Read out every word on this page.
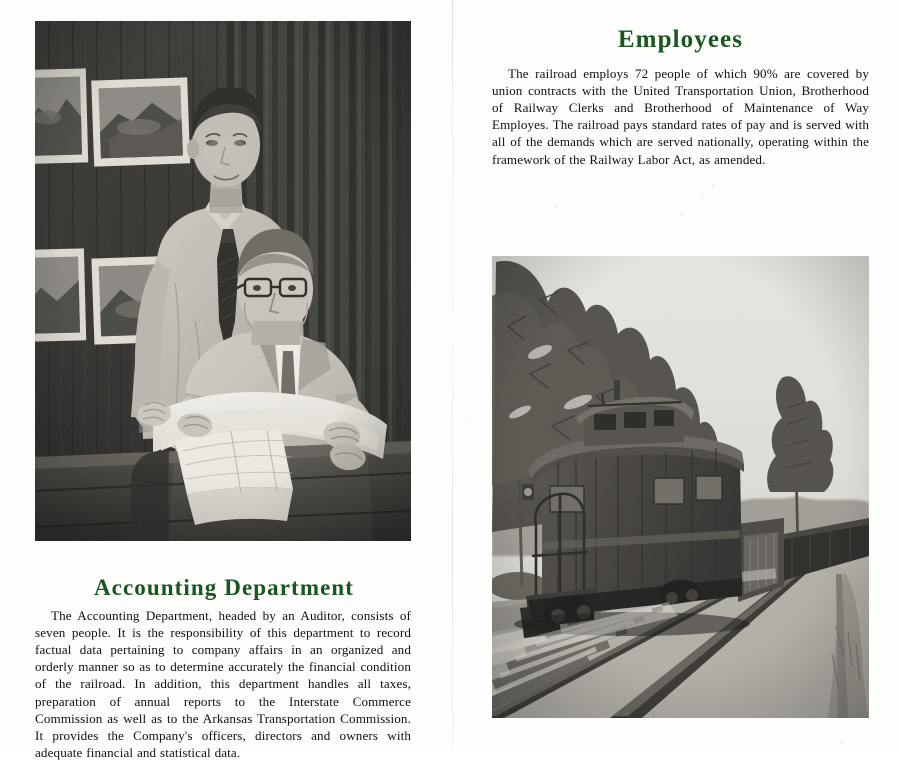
Accounting Department

The Accounting Department, headed by an Auditor, consists of seven people. It is the responsibility of this department to record factual data pertaining to company affairs in an organized and orderly manner so as to determine accurately the financial condition of the railroad. In addition, this department handles all taxes, preparation of annual reports to the Interstate Commerce Commission as well as to the Arkansas Transportation Commission. It provides the Company's officers, directors and owners with adequate financial and statistical data.

Employees

The railroad employs 72 people of which 90% are covered by union contracts with the United Transportation Union, Brotherhood of Railway Clerks and Brotherhood of Maintenance of Way Employes. The railroad pays standard rates of pay and is served with all of the demands which are served nationally, operating within the framework of the Railway Labor Act, as amended.
